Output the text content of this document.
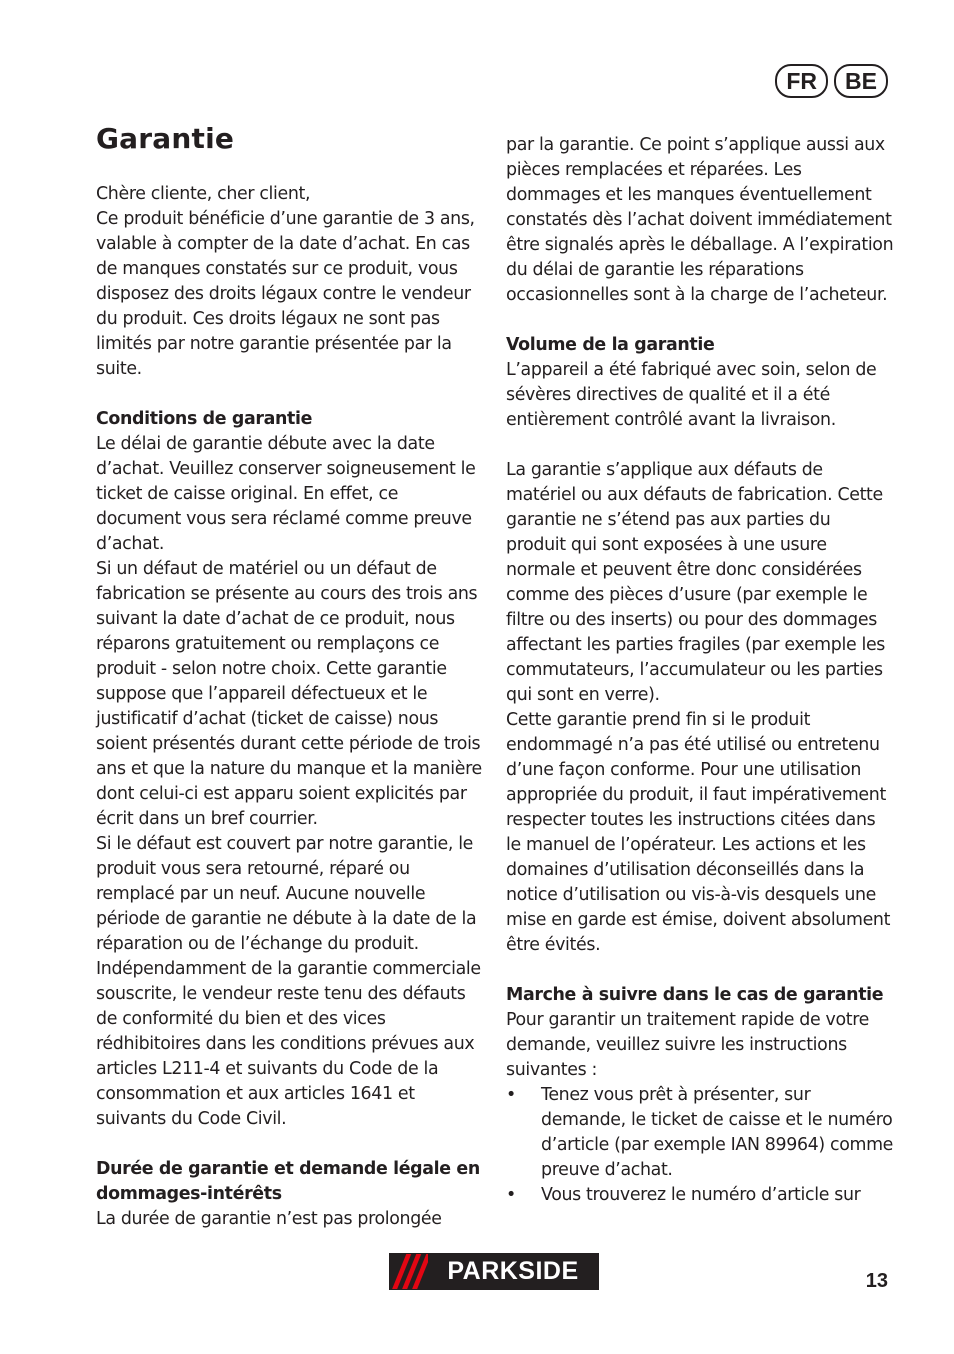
FR	BE
Garantie

Chère cliente, cher client,

Ce produit bénéficie d’une garantie de 3 ans, valable à compter de la date d’achat. En cas de manques constatés sur ce produit, vous disposez des droits légaux contre le vendeur du produit. Ces droits légaux ne sont pas limités par notre garantie présentée par la suite.

Conditions de garantie

Le délai de garantie débute avec la date d’achat. Veuillez conserver soigneusement le ticket de caisse original. En effet, ce document vous sera réclamé comme preuve d’achat.

Si un défaut de matériel ou un défaut de fabrication se présente au cours des trois ans suivant la date d’achat de ce produit, nous réparons gratuitement ou remplaçons ce produit - selon notre choix. Cette garantie suppose que l’appareil défectueux et le justificatif d’achat (ticket de caisse) nous soient présentés durant cette période de trois ans et que la nature du manque et la manière dont celui-ci est apparu soient explicités par écrit dans un bref courrier.

Si le défaut est couvert par notre garantie, le produit vous sera retourné, réparé ou remplacé par un neuf. Aucune nouvelle période de garantie ne débute à la date de la réparation ou de l’échange du produit. Indépendamment de la garantie commerciale souscrite, le vendeur reste tenu des défauts de conformité du bien et des vices rédhibitoires dans les conditions prévues aux articles L211-4 et suivants du Code de la consommation et aux articles 1641 et suivants du Code Civil.

Durée de garantie et demande légale en dommages-intérêts

La durée de garantie n’est pas prolongée

par la garantie. Ce point s’applique aussi aux pièces remplacées et réparées. Les dommages et les manques éventuellement constatés dès l’achat doivent immédiatement être signalés après le déballage. A l’expiration du délai de garantie les réparations occasionnelles sont à la charge de l’acheteur.

Volume de la garantie

L’appareil a été fabriqué avec soin, selon de sévères directives de qualité et il a été entièrement contrôlé avant la livraison.

La garantie s’applique aux défauts de matériel ou aux défauts de fabrication. Cette garantie ne s’étend pas aux parties du produit qui sont exposées à une usure normale et peuvent être donc considérées comme des pièces d’usure (par exemple le filtre ou des inserts) ou pour des dommages affectant les parties fragiles (par exemple les commutateurs, l’accumulateur ou les parties qui sont en verre).

Cette garantie prend fin si le produit endommagé n’a pas été utilisé ou entretenu d’une façon conforme. Pour une utilisation appropriée du produit, il faut impérativement respecter toutes les instructions citées dans le manuel de l’opérateur. Les actions et les domaines d’utilisation déconseillés dans la notice d’utilisation ou vis-à-vis desquels une mise en garde est émise, doivent absolument être évités.

Marche à suivre dans le cas de garantie

Pour garantir un traitement rapide de votre demande, veuillez suivre les instructions suivantes :

• Tenez vous prêt à présenter, sur demande, le ticket de caisse et le numéro d’article (par exemple IAN 89964) comme preuve d’achat.
• Vous trouverez le numéro d’article sur
PARKSIDE	13
